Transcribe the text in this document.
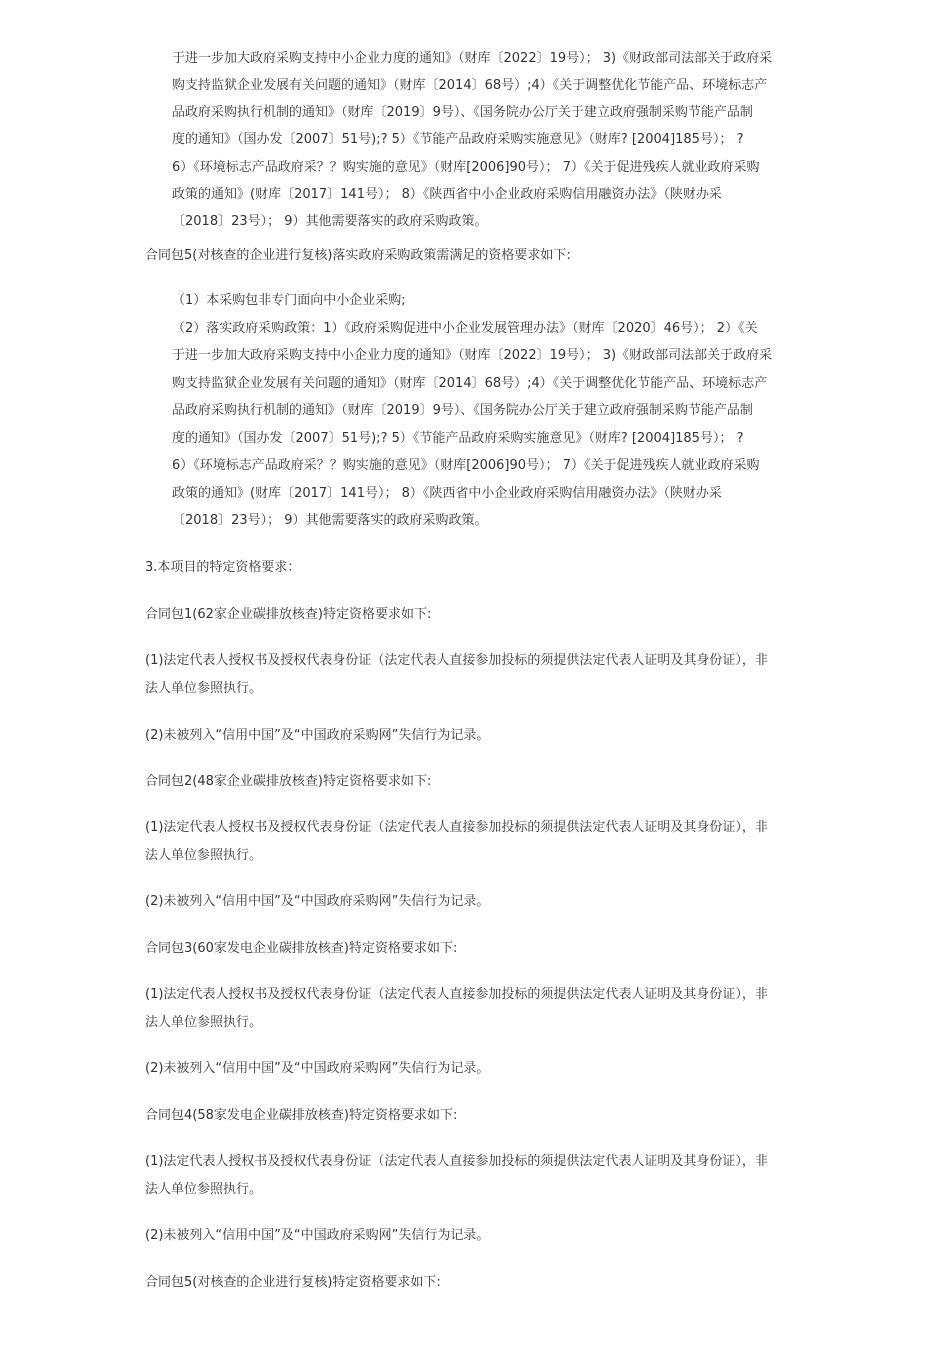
于进一步加大政府采购支持中小企业力度的通知》（财库〔2022〕19号）； 3)《财政部司法部关于政府采
购支持监狱企业发展有关问题的通知》（财库〔2014〕68号）;4）《关于调整优化节能产品、环境标志产
品政府采购执行机制的通知》（财库〔2019〕9号）、《国务院办公厅关于建立政府强制采购节能产品制
度的通知》（国办发〔2007〕51号);? 5）《节能产品政府采购实施意见》（财库? [2004]185号）； ?
6）《环境标志产品政府采？？购实施的意见》（财库[2006]90号）； 7）《关于促进残疾人就业政府采购
政策的通知》(财库〔2017〕141号）； 8）《陕西省中小企业政府采购信用融资办法》（陕财办采
〔2018〕23号）； 9）其他需要落实的政府采购政策。
合同包5(对核查的企业进行复核)落实政府采购政策需满足的资格要求如下:
（1）本采购包非专门面向中小企业采购;
（2）落实政府采购政策：1）《政府采购促进中小企业发展管理办法》（财库〔2020〕46号）； 2）《关
于进一步加大政府采购支持中小企业力度的通知》（财库〔2022〕19号）； 3)《财政部司法部关于政府采
购支持监狱企业发展有关问题的通知》（财库〔2014〕68号）;4）《关于调整优化节能产品、环境标志产
品政府采购执行机制的通知》（财库〔2019〕9号）、《国务院办公厅关于建立政府强制采购节能产品制
度的通知》（国办发〔2007〕51号);? 5）《节能产品政府采购实施意见》（财库? [2004]185号）； ?
6）《环境标志产品政府采？？购实施的意见》（财库[2006]90号）； 7）《关于促进残疾人就业政府采购
政策的通知》(财库〔2017〕141号）； 8）《陕西省中小企业政府采购信用融资办法》（陕财办采
〔2018〕23号）； 9）其他需要落实的政府采购政策。
3.本项目的特定资格要求：
合同包1(62家企业碳排放核查)特定资格要求如下:
(1)法定代表人授权书及授权代表身份证（法定代表人直接参加投标的须提供法定代表人证明及其身份证），非
法人单位参照执行。
(2)未被列入“信用中国”及“中国政府采购网”失信行为记录。
合同包2(48家企业碳排放核查)特定资格要求如下:
(1)法定代表人授权书及授权代表身份证（法定代表人直接参加投标的须提供法定代表人证明及其身份证），非
法人单位参照执行。
(2)未被列入“信用中国”及“中国政府采购网”失信行为记录。
合同包3(60家发电企业碳排放核查)特定资格要求如下:
(1)法定代表人授权书及授权代表身份证（法定代表人直接参加投标的须提供法定代表人证明及其身份证），非
法人单位参照执行。
(2)未被列入“信用中国”及“中国政府采购网”失信行为记录。
合同包4(58家发电企业碳排放核查)特定资格要求如下:
(1)法定代表人授权书及授权代表身份证（法定代表人直接参加投标的须提供法定代表人证明及其身份证），非
法人单位参照执行。
(2)未被列入“信用中国”及“中国政府采购网”失信行为记录。
合同包5(对核查的企业进行复核)特定资格要求如下:
